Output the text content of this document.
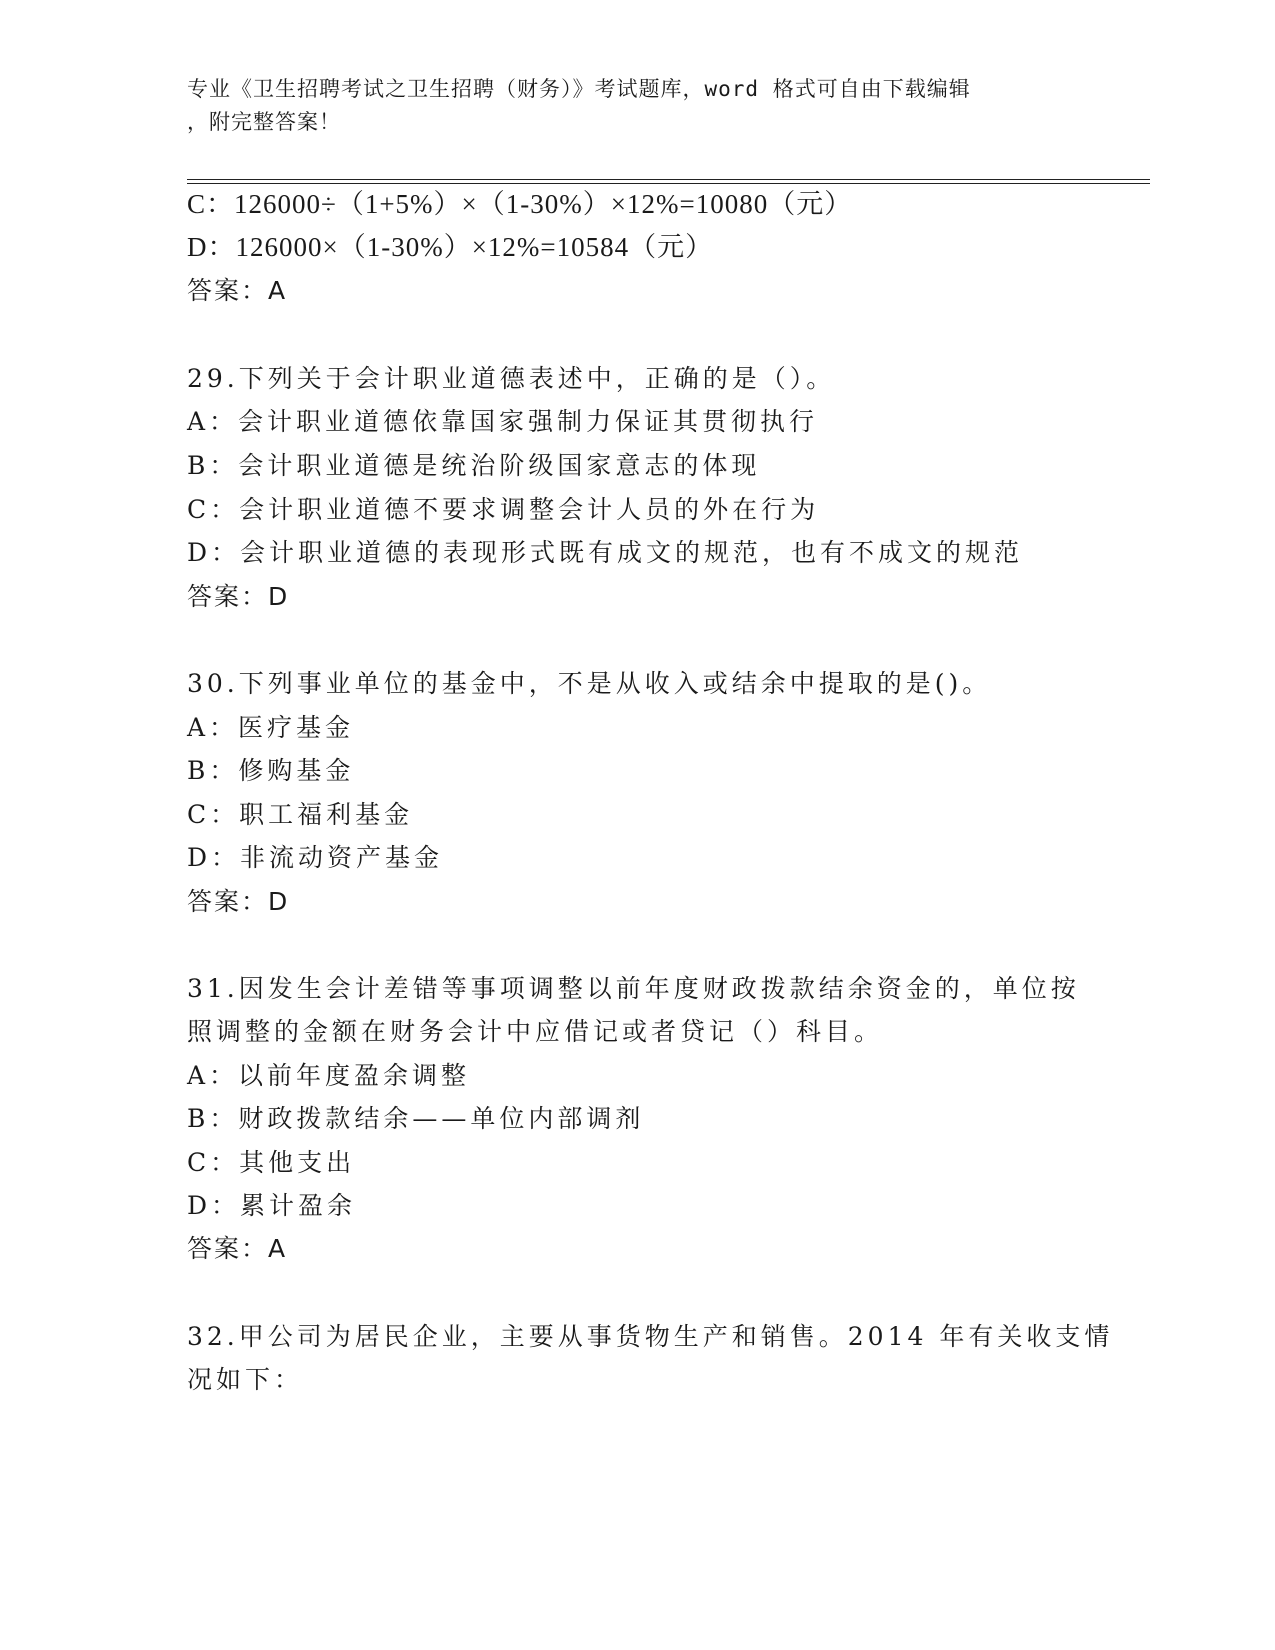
专业《卫生招聘考试之卫生招聘（财务）》考试题库，word 格式可自由下载编辑
，附完整答案！
C：126000÷（1+5%）×（1-30%）×12%=10080（元）
D：126000×（1-30%）×12%=10584（元）
答案：A
29.下列关于会计职业道德表述中，正确的是（）。
A：会计职业道德依靠国家强制力保证其贯彻执行
B：会计职业道德是统治阶级国家意志的体现
C：会计职业道德不要求调整会计人员的外在行为
D：会计职业道德的表现形式既有成文的规范，也有不成文的规范
答案：D
30.下列事业单位的基金中，不是从收入或结余中提取的是()。
A：医疗基金
B：修购基金
C：职工福利基金
D：非流动资产基金
答案：D
31.因发生会计差错等事项调整以前年度财政拨款结余资金的，单位按
照调整的金额在财务会计中应借记或者贷记（）科目。
A：以前年度盈余调整
B：财政拨款结余——单位内部调剂
C：其他支出
D：累计盈余
答案：A
32.甲公司为居民企业，主要从事货物生产和销售。2014 年有关收支情
况如下：
